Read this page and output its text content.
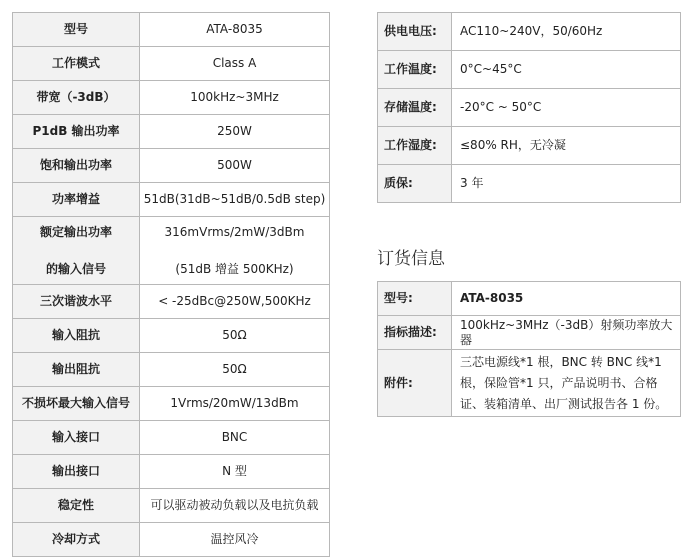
型号	ATA-8035
工作模式	Class A
带宽（-3dB）	100kHz~3MHz
P1dB 输出功率	250W
饱和输出功率	500W
功率增益	51dB(31dB~51dB/0.5dB step)

额定输出功率
的输入信号	316mVrms/2mW/3dBm
(51dB 增益 500KHz)

三次谐波水平	< -25dBc@250W,500KHz
输入阻抗	50Ω
输出阻抗	50Ω
不损坏最大输入信号	1Vrms/20mW/13dBm
输入接口	BNC
输出接口	N 型
稳定性	可以驱动被动负载以及电抗负载
冷却方式	温控风冷
供电电压:	AC110~240V，50/60Hz
工作温度:	0°C~45°C
存储温度:	-20°C ~ 50°C
工作湿度:	≤80% RH，无冷凝
质保:	3 年
订货信息
型号:	ATA-8035
指标描述:	100kHz~3MHz（-3dB）射频功率放大器
附件:	三芯电源线*1 根，BNC 转 BNC 线*1 根，保险管*1 只，产品说明书、合格证、装箱清单、出厂测试报告各 1 份。
